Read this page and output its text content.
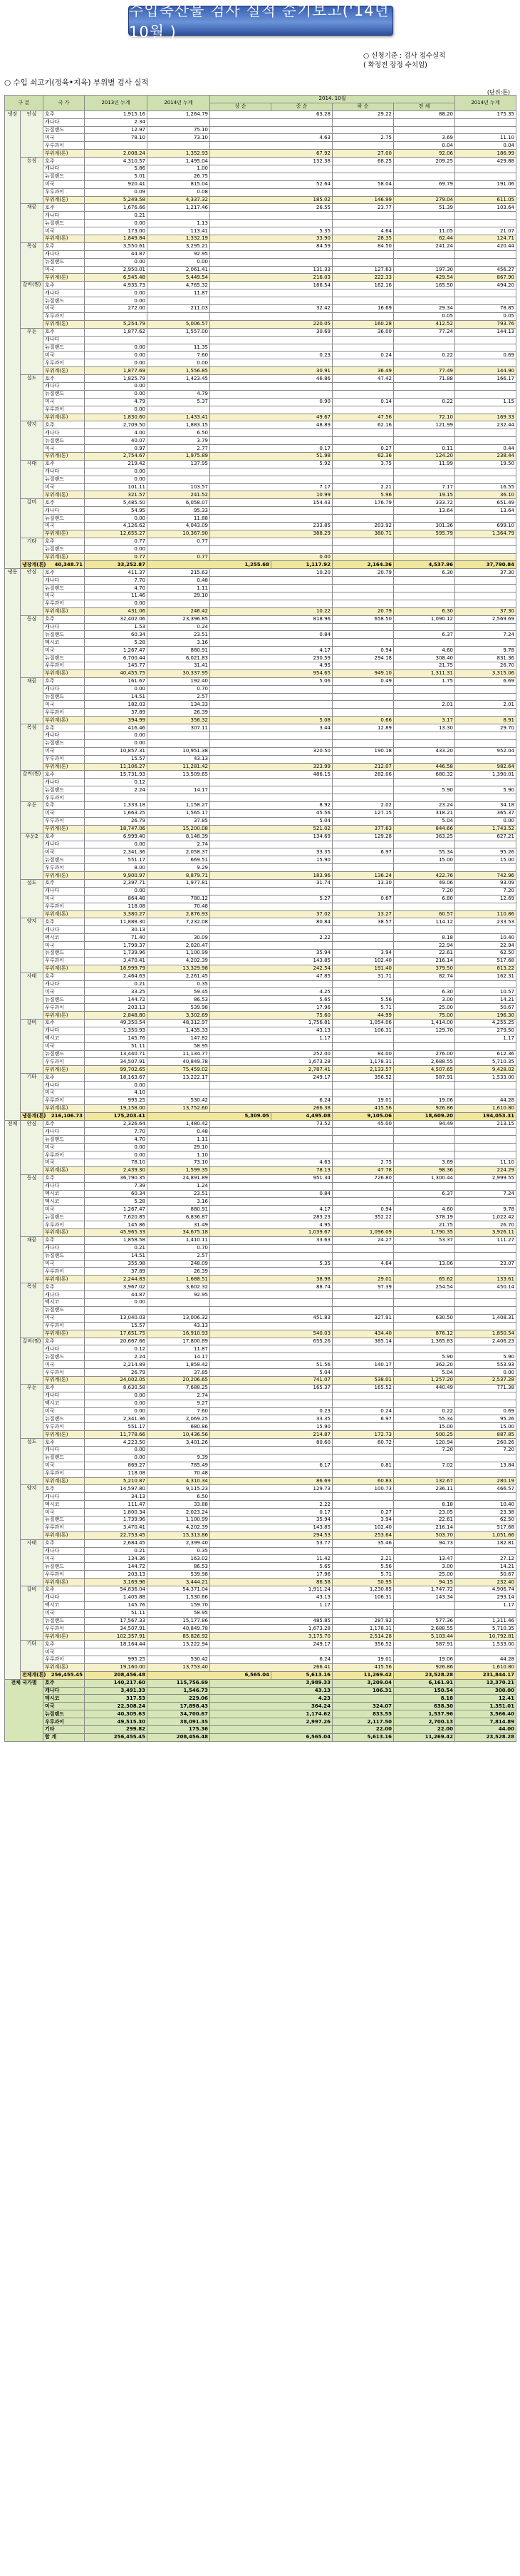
수입축산물 검사 실적 순기보고('14년 10월 )
○ 신청기준 : 검사 접수실적
( 확정전 잠정 수치임)
○ 수입 쇠고기(정육•지육) 부위별 검사 실적
(단위:톤)
구 분		국 가	2013년 누계	2014년 누계	2014. 10월				2014년 누계	
					상 순	중 순	하 순	전 체		
냉장	안심	호주	1,915.16	1,264.79	63.28		29.22	88.20	175.35	
		캐나다	2.34							
		뉴질랜드	12.97	75.10						
		미국	78.10	73.10	4.63		2.75	3.69	11.10	
		우루과이						0.04	0.04	
		부위계(톤)	2,008.24	1,352.93	67.92		27.00	92.06	186.99	
	등심	호주	4,310.57	1,495.04	132.38		68.25	209.25	429.88	
		캐나다	5.86	1.00						
		뉴질랜드	5.01	26.75						
		미국	920.41	815.04	52.64		58.04	69.79	191.06	
		우루과이	0.09	0.08						
		부위계(톤)	5,249.58	4,337.32	185.02		146.99	279.04	611.05	
	채끝	호주	1,676.66	1,217.46	26.55		23.77	51.39	103.64	
		캐나다	0.21							
		뉴질랜드	0.00	1.13					
		미국	173.00	113.41	5.35		4.64	11.05	21.07	
		부위계(톤)	1,849.84	1,332.19	33.90		28.35	62.44	124.71	
	목심	호주	3,550.61	3,295.21	84.59		84.50	241.24	420.44	
		캐나다	44.87	92.95					
		뉴질랜드	0.00	0.00						
		미국	2,950.01	2,061.41	131.33		127.63	197.30	456.27	
		부위계(톤)	6,545.48	5,449.54	216.03		222.33	429.54	867.90	
	갈비(찜)	호주	4,935.73	4,765.32	166.54		162.16	165.50	494.20	
		캐나다	0.00	11.87					
		뉴질랜드	0.00							
		미국	272.00	211.03	32.42		16.69	29.34	78.85	
		우루과이						0.05	0.05	
		부위계(톤)	5,254.79	5,006.57	220.05		160.28	412.52	793.76	
	우둔	호주	1,877.62	1,557.00	30.69		36.00	77.24	144.13	
		캐나다								
		뉴질랜드	0.00	11.35						
		미국	0.00	7.60	0.23		0.24	0.22	0.69	
		우루과이	0.00	0.00						
		부위계(톤)	1,877.69	1,556.85	30.91		36.49	77.49	144.90	
	설도	호주	1,825.79	1,423.45	46.86		47.42	71.88	166.17	
		캐나다	0.00							
		뉴질랜드	0.00	4.79					
		미국	4.79	5.37	0.90		0.14	0.22	1.15	
		우루과이	0.00							
		부위계(톤)	1,830.60	1,433.41	49.67		47.56	72.10	169.33	
	양지	호주	2,709.50	1,883.15	48.89		62.16	121.99	232.44	
		캐나다	4.00	6.50					
		뉴질랜드	40.07	3.79					
		미국	0.97	2.77	0.17		0.27	0.11	0.44	
		부위계(톤)	2,754.67	1,975.89	51.98		62.36	124.20	238.44	
	사태	호주	219.42	137.95	5.92		3.75	11.99	19.50	
		캐나다	0.00							
		뉴질랜드	0.00							
		미국	101.11	103.57	7.17		2.21	7.17	16.55	
		부위계(톤)	321.57	241.52	10.99		5.96	19.15	36.10	
	갈비	호주	5,485.50	6,058.07	154.43		176.79	333.72	651.49	
		캐나다	54.95	95.33				13.64	13.64	
		뉴질랜드	0.00	11.88					
		미국	4,126.62	4,043.09	233.85		203.92	301.36	699.10	
		부위계(톤)	12,655.27	10,367.90	388.29		380.71	595.79	1,364.79	
	기타	호주	0.77	0.77					
		뉴질랜드	0.00							
		부위계(톤)	0.77	0.77	0.00				
	냉장계(톤)	40,348.71	33,252.87	1,255.68		1,117.92	2,164.36	4,537.96	37,790.84	
냉동	안심	호주	411.37	215.63	10.20		20.79	6.30	37.30	
		캐나다	7.70	0.48					
		뉴질랜드	4.70	1.11					
		미국	11.46	29.10					
		우루과이	0.00							
		부위계(톤)	431.06	246.42	10.22		20.79	6.30	37.30	
	등심	호주	32,402.06	23,396.85	818.96		658.50	1,090.12	2,569.69	
		캐나다	1.53	0.24					
		뉴질랜드	60.34	23.51	0.84			6.37	7.24	
		멕시코	5.28	3.16					
		미국	1,267.47	880.91	4.17		0.94	4.60	9.78	
		뉴질랜드	6,700.44	6,021.83	230.59		294.18	308.40	831.36	
		우루과이	145.77	31.41	4.95			21.75	26.70	
		부위계(톤)	40,455.75	30,337.95	954.65		949.10	1,311.31	3,315.06	
	채끝	호주	161.67	192.40	5.06		0.49	1.75	6.69	
		캐나다	0.00	0.70					
		뉴질랜드	14.51	2.57					
		미국	182.03	134.33				2.01	2.01	
		우루과이	37.89	26.39					
		부위계(톤)	394.99	356.32	5.08		0.66	3.17	8.91	
	목심	호주	416.46	307.11	3.44		12.89	13.30	29.70	
		캐나다	0.00							
		뉴질랜드	0.00							
		미국	10,857.31	10,951.38	320.50		190.18	433.20	952.04	
		우루과이	15.57	43.13					
		부위계(톤)	11,106.27	11,281.42	323.99		212.07	446.58	982.64	
	갈비(찜)	호주	15,731.93	13,509.65	486.15		282.06	680.32	1,390.01	
		캐나다	0.12							
		뉴질랜드	2.24	14.17				5.90	5.90	
		우루과이								
	우둔	호주	1,333.18	1,158.27	8.92		2.02	23.24	34.18	
		미국	1,663.25	1,565.17	45.56		127.15	318.21	365.37	
		우루과이	26.79	37.85	5.04			5.04	0.00	
		부위계(톤)	18,747.06	15,200.08	521.02		377.63	844.66	1,743.52	
	우둔2	호주	6,999.40	8,148.39	134.69		129.28	363.25	627.21	
		캐나다	0.00	2.74					
		미국	2,341.36	2,058.37	33.35		6.97	55.34	95.26	
		뉴질랜드	551.17	669.51	15.90			15.00	15.00	
		우루과이	8.00	9.29						
		부위계(톤)	9,900.97	8,879.71	183.96		136.24	422.76	742.96	
	설도	호주	2,397.71	1,977.81	31.74		13.30	49.06	93.09	
		캐나다	0.00					7.20	7.20	
		미국	864.48	780.12	5.27		0.67	6.80	12.69	
		우루과이	118.08	70.48					
		부위계(톤)	3,380.27	2,876.93	37.02		13.27	60.57	110.86	
	양지	호주	11,888.30	7,232.08	80.84		38.57	114.12	233.53	
		캐나다	30.13							
		멕시코	71.40	30.09	2.22			8.18	10.40	
		미국	1,799.37	2,020.47				22.94	22.94	
		뉴질랜드	1,739.96	1,100.99	35.94		3.94	22.61	62.50	
		우루과이	3,470.41	4,202.39	143.85		102.40	216.14	517.68	
		부위계(톤)	18,999.79	13,329.98	242.54		191.40	379.50	813.22	
	사태	호주	2,464.63	2,261.45	47.85		31.71	82.74	162.31	
		캐나다	0.21	0.35					
		미국	33.25	59.45	4.25			6.30	10.57	
		뉴질랜드	144.72	86.53	5.65		5.56	3.00	14.21	
		우루과이	203.13	539.98	17.96		5.71	25.00	50.67	
		부위계(톤)	2,848.80	3,302.69	75.60		44.99	75.00	196.30	
	갈비	호주	49,350.54	48,312.97	1,756.81		1,054.06	1,414.00	4,255.25	
		캐나다	1,350.93	1,435.33	43.13		106.31	129.70	279.50	
		멕시코	145.76	147.82	1.17				1.17	
		미국	51.11	58.95					
		뉴질랜드	13,440.71	11,134.77	252.00		84.00	276.00	612.36	
		우루과이	34,507.91	40,849.78	1,673.28		1,178.31	2,688.55	5,710.35	
		부위계(톤)	99,702.65	75,459.02	2,787.41		2,133.57	4,507.65	9,428.02	
	기타	호주	18,163.67	13,222.17	249.17		356.52	587.91	1,533.00	
		캐나다	0.00							
		미국	4.10							
		우루과이	995.25	530.42	6.24		19.01	19.06	44.28	
		부위계(톤)	19,158.00	13,752.60	266.38		415.56	926.86	1,610.80	
	냉동계(톤)	216,106.73	175,203.41	5,309.05		4,495.08	9,105.06	18,609.20	194,053.31	
전체	안심	호주	2,326.64	1,480.42	73.52		45.00	94.49	213.15	
		캐나다	7.70	0.48					
		뉴질랜드	4.70	1.11					
		미국	0.00	29.10					
		우루과이	0.00	1.10					
		미국	78.10	73.10	4.63		2.75	3.69	11.10	
		부위계(톤)	2,439.30	1,599.35	78.13		47.78	98.36	224.29	
	등심	호주	36,790.35	24,891.89	951.34		726.80	1,300.44	2,999.55	
		캐나다	7.39	1.24					
		멕시코	60.34	23.51	0.84			6.37	7.24	
		멕시코	5.28	3.16					
		미국	1,267.47	880.91	4.17		0.94	4.60	9.78	
		뉴질랜드	7,620.85	6,836.87	283.23		352.22	378.19	1,022.42	
		우루과이	145.86	31.49	4.95			21.75	26.70	
		부위계(톤)	45,965.33	34,675.18	1,039.67		1,096.09	1,790.35	3,926.11	
	채끝	호주	1,858.58	1,410.11	33.63		24.27	53.37	111.27	
		캐나다	0.21	0.70					
		뉴질랜드	14.51	2.57					
		미국	355.98	248.09	5.35		4.64	13.06	23.07	
		우루과이	37.89	26.39					
		부위계(톤)	2,244.83	1,688.51	38.98		29.01	65.62	133.61	
	목심	호주	3,967.02	3,602.32	88.74		97.39	254.54	450.14	
		캐나다	44.87	92.95					
		멕시코	0.00							
		뉴질랜드								
		미국	13,040.03	13,006.32	451.83		327.91	630.50	1,408.31	
		우루과이	15.57	43.13					
		부위계(톤)	17,651.75	16,910.93	540.03		434.40	876.12	1,850.54	
	갈비(찜)	호주	20,667.66	17,800.89	655.26		385.14	1,365.83	2,406.23	
		캐나다	0.12	11.87					
		뉴질랜드	2.24	14.17				5.90	5.90	
		미국	2,214.89	1,858.42	51.56		140.17	362.20	553.93	
		우루과이	26.79	37.85	5.04			5.04	0.00	
		부위계(톤)	24,002.05	20,206.65	741.07		538.01	1,257.20	2,537.28	
	우둔	호주	8,630.58	7,688.25	165.37		165.52	440.49	771.38	
		캐나다	0.00	2.74					
		멕시코	0.00	9.27						
		미국	0.00	7.60	0.23		0.24	0.22	0.69	
		뉴질랜드	2,341.36	2,069.25	33.35		6.97	55.34	95.26	
		우루과이	551.17	680.86	15.90			15.00	15.00	
		부위계(톤)	11,778.66	10,436.56	214.87		172.73	500.25	887.85	
	설도	호주	4,223.50	3,401.26	80.60		60.72	120.94	260.26	
		캐나다	0.00					7.20	7.20	
		뉴질랜드	0.00	9.39					
		미국	869.27	785.49	6.17		0.81	7.02	13.84	
		우루과이	118.08	70.48					
		부위계(톤)	5,210.87	4,310.34	86.69		60.83	132.67	280.19	
	양지	호주	14,597.80	9,115.23	129.73		100.73	236.11	466.57	
		캐나다	34.13	6.50					
		멕시코	111.47	33.88	2.22			8.18	10.40	
		미국	1,800.34	2,023.24	0.17		0.27	23.05	23.38	
		뉴질랜드	1,739.96	1,100.99	35.94		3.94	22.61	62.50	
		우루과이	3,470.41	4,202.39	143.85		102.40	216.14	517.68	
		부위계(톤)	22,753.45	15,313.86	294.53		253.64	503.70	1,051.66	
	사태	호주	2,684.45	2,399.40	53.77		35.46	94.73	182.81	
		캐나다	0.21	0.35					
		미국	134.36	163.02	11.42		2.21	13.47	27.12	
		뉴질랜드	144.72	86.53	5.65		5.56	3.00	14.21	
		우루과이	203.13	539.98	17.96		5.71	25.00	50.67	
		부위계(톤)	3,169.96	3,444.21	86.58		50.95	94.15	232.40	
	갈비	호주	54,836.04	54,371.04	1,911.24		1,230.85	1,747.72	4,906.74	
		캐나다	1,405.88	1,530.66	43.13		106.31	143.34	293.14	
		멕시코	145.76	159.70	1.17				1.17	
		미국	51.11	58.95					
		뉴질랜드	17,567.33	15,177.86	485.85		287.92	577.36	1,311.46	
		우루과이	34,507.91	40,849.78	1,673.28		1,178.31	2,688.55	5,710.35	
		부위계(톤)	102,357.91	85,826.92	3,175.70		2,514.28	5,103.44	10,792.81	
	기타	호주	18,164.44	13,222.94	249.17		356.52	587.91	1,533.00	
		미국								
		우루과이	995.25	530.42	6.24		19.01	19.06	44.28	
		부위계(톤)	19,160.00	13,753.40	266.41		415.56	926.86	1,610.80	
	전체계(톤)	256,455.45	208,456.48	6,565.04		5,613.16	11,269.42	23,528.28	231,844.17	
전체 국가별		호주	140,217.60	115,756.69	3,989.33		3,209.04	6,161.91	13,370.21	
		캐나다	3,491.33	1,546.73	43.13		106.31	150.54	300.00	
		멕시코	317.53	229.06	4.23			8.18	12.41	
		미국	22,308.24	17,898.43	364.24		324.07	638.30	1,351.01	
		뉴질랜드	40,305.63	34,700.67	1,174.62		833.55	1,537.96	3,566.40	
		우루과이	49,515.30	38,091.35	2,997.26		2,117.50	2,700.13	7,814.89	
		기타	299.82	175.36			22.00	22.00	44.00	
		합 계	256,455.45	208,456.48	6,565.04		5,613.16	11,269.42	23,528.28	
